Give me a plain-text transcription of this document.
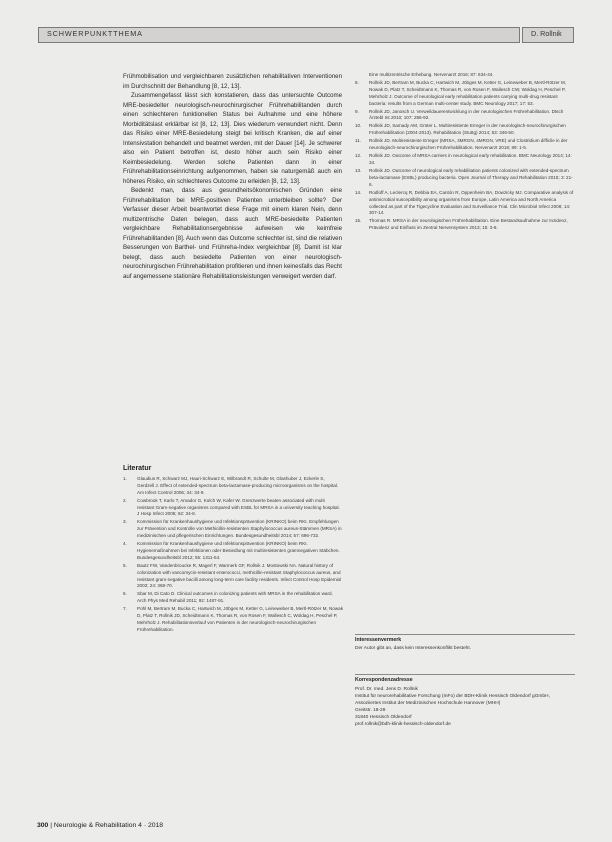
SCHWERPUNKTTHEMA	D. Rollnik

Frühmobilisation und vergleichbaren zusätzlichen rehabilitativen Interventionen im Durchschnitt der Behandlung [8, 12, 13].

Zusammengefasst lässt sich konstatieren, dass das untersuchte Outcome MRE-besiedelter neurologisch-neurochirurgischer Frührehabilitanden durch einen schlechteren funktionellen Status bei Aufnahme und eine höhere Morbiditätslast erklärbar ist [8, 12, 13]. Dies wiederum verwundert nicht. Denn das Risiko einer MRE-Besiedelung steigt bei kritisch Kranken, die auf einer Intensivstation behandelt und beatmet werden, mit der Dauer [14]. Je schwerer also ein Patient betroffen ist, desto höher auch sein Risiko einer Keimbesiedelung. Werden solche Patienten dann in einer Frührehabilitationseinrichtung aufgenommen, haben sie naturgemäß auch ein höheres Risiko, ein schlechteres Outcome zu erleiden [8, 12, 13].

Bedenkt man, dass aus gesundheitsökonomischen Gründen eine Frührehabilitation bei MRE-positiven Patienten unterbleiben sollte? Der Verfasser dieser Arbeit beantwortet diese Frage mit einem klaren Nein, denn multizentrische Daten belegen, dass auch MRE-besiedelte Patienten vergleichbare Rehabilitationsergebnisse aufweisen wie keimfreie Frührehabilitanden [8]. Auch wenn das Outcome schlechter ist, sind die relativen Besserungen von Barthel- und Frühreha-Index vergleichbar [8]. Damit ist klar belegt, dass auch besiedelte Patienten von einer neurologisch-neurochirurgischen Frührehabilitation profitieren und ihnen keinesfalls das Recht auf angemessene stationäre Rehabilitationsleistungen verweigert werden darf.

Literatur
1. Glaudius R, Schwarz MJ, Hauri-Schwarz E, Wilbrandt R, Schulte M, Glashuber J, Eckerle S, Gerdzell J. Effect of extended-spectrum beta-lactamase-producing microorganisms on the hospital. Am Infect Control 2006; 34: 34-9.
2. Cowbrook T, Karlo T, Amador G, Kolch W, Kafer W. Grenzwerte beaten associated with multi resistant Gram-negative organisms compared with ESBL for MRSA in a university teaching hospital. J Hosp Infect 2006; 62: 34-8.
3. Kommission für Krankenhaushygiene und Infektionsprävention (KRINKO) beim RKI. Empfehlungen zur Prävention und Kontrolle von Methicillin-resistenten Staphylococcus aureus-Stämmen (MRSA) in medizinischen und pflegerischen Einrichtungen. Bundesgesundheitsbl 2014; 57: 696-732.
4. Kommission für Krankenhaushygiene und Infektionsprävention (KRINKO) beim RKI. Hygienemaßnahmen bei Infektionen oder Besiedlung mit multiresistenten gramnegativen Stäbchen. Bundesgesundheitsbl 2012; 55: 1311-54.
5. Bautz FW, Vandenbroucke R, Magerl F, Warmerk GF, Rollnik J. Mostowski NA. Natural history of colonization with vancomycin-resistant enterococci, methicillin-resistant Staphylococcus aureus, and resistant gram-negative bacilli among long-term care facility residents. Infect Control Hosp Epidemiol 2003; 24: 368-70.
6. Sbar M, Di Cato D. Clinical outcomes in colonizing patients with MRSA in the rehabilitation ward. Arch Phys Med Rehabil 2011; 92: 1487-91.
7. Pohl M, Bertram M, Bucka C, Hartwich M, Jöbges M, Ketter G, Leineweber B, Mertl-Rötzer M, Nowak D, Platz T, Rollnik JD, Scheidtmann K, Thomas R, von Rosen F, Wallesch C, Woldag H, Peschel P, Mehrholz J. Rehabilitationsverlauf von Patienten in der neurologisch-neurochirurgischen Frührehabilitation.
Eine multizentrische Erhebung. Nervenarzt 2016; 87: 634-44.
8. Rollnik JD, Bertram M, Bucka C, Hartwich M, Jöbges M, Ketter G, Leineweber B, Mertl-Rötzer M, Nowak D, Platz T, Scheidtmann K, Thomas R, von Rosen F, Wallesch CW, Woldag H, Peschel P, Mehrholz J. Outcome of neurological early rehabilitation patients carrying multi-drug resistant bacteria: results from a German multi-center study. BMC Neurology 2017; 17: 53.
9. Rollnik JD, Janosch U. Verweildauerentwicklung in der neurologischen Frührehabilitation. Dtsch Ärztebl Int 2010; 107: 286-92.
10. Rollnik JD, Samady AM, Grüter L. Multiresistente Erreger in der neurologisch-neurochirurgischen Frührehabilitation (2004-2013). Rehabilitation (Stuttg) 2014; 53: 346-50.
11. Rollnik JD. Multiresistente Erreger (MRSA, 3MRGN, 4MRGN, VRE) und Clostridium difficile in der neurologisch-neurochirurgischen Frührehabilitation. Nervenarzt 2018; 89: 1-5.
12. Rollnik JD. Outcome of MRSA carriers in neurological early rehabilitation. BMC Neurology 2014; 14: 34.
13. Rollnik JD. Outcome of neurological early rehabilitation patients colonized with extended-spectrum beta-lactamase (ESBL) producing bacteria. Open Journal of Therapy and Rehabilitation 2015; 3: 21-6.
14. Rodloff A, Leclercq R, Debbia EA, Cantón R, Oppenheim BA, Dowzicky MJ. Comparative analysis of antimicrobial susceptibility among organisms from Europe, Latin America and North America collected as part of the Tigecycline Evaluation and Surveillance Trial. Clin Microbiol Infect 2008; 14: 307-14.
15. Thomas R. MRSA in der neurologischen Frührehabilitation. Eine Bestandsaufnahme zur Inzidenz, Prävalenz und Einfluss im Zentral Nervensystem 2013; 15: 3-8.
Interessenvermerk
Der Autor gibt an, dass kein Interessenkonflikt besteht.
Korrespondenzadresse
Prof. Dr. med. Jens D. Rollnik
Institut für neurorehabilitative Forschung (InFo) der BDH-Klinik Hessisch Oldendorf gGmbH, Assoziiertes Institut der Medizinischen Hochschule Hannover (MHH)
Greitstr. 18-28
31840 Hessisch Oldendorf
prof.rollnik@bdh-klinik-hessisch-oldendorf.de
300 | Neurologie & Rehabilitation 4 · 2018
